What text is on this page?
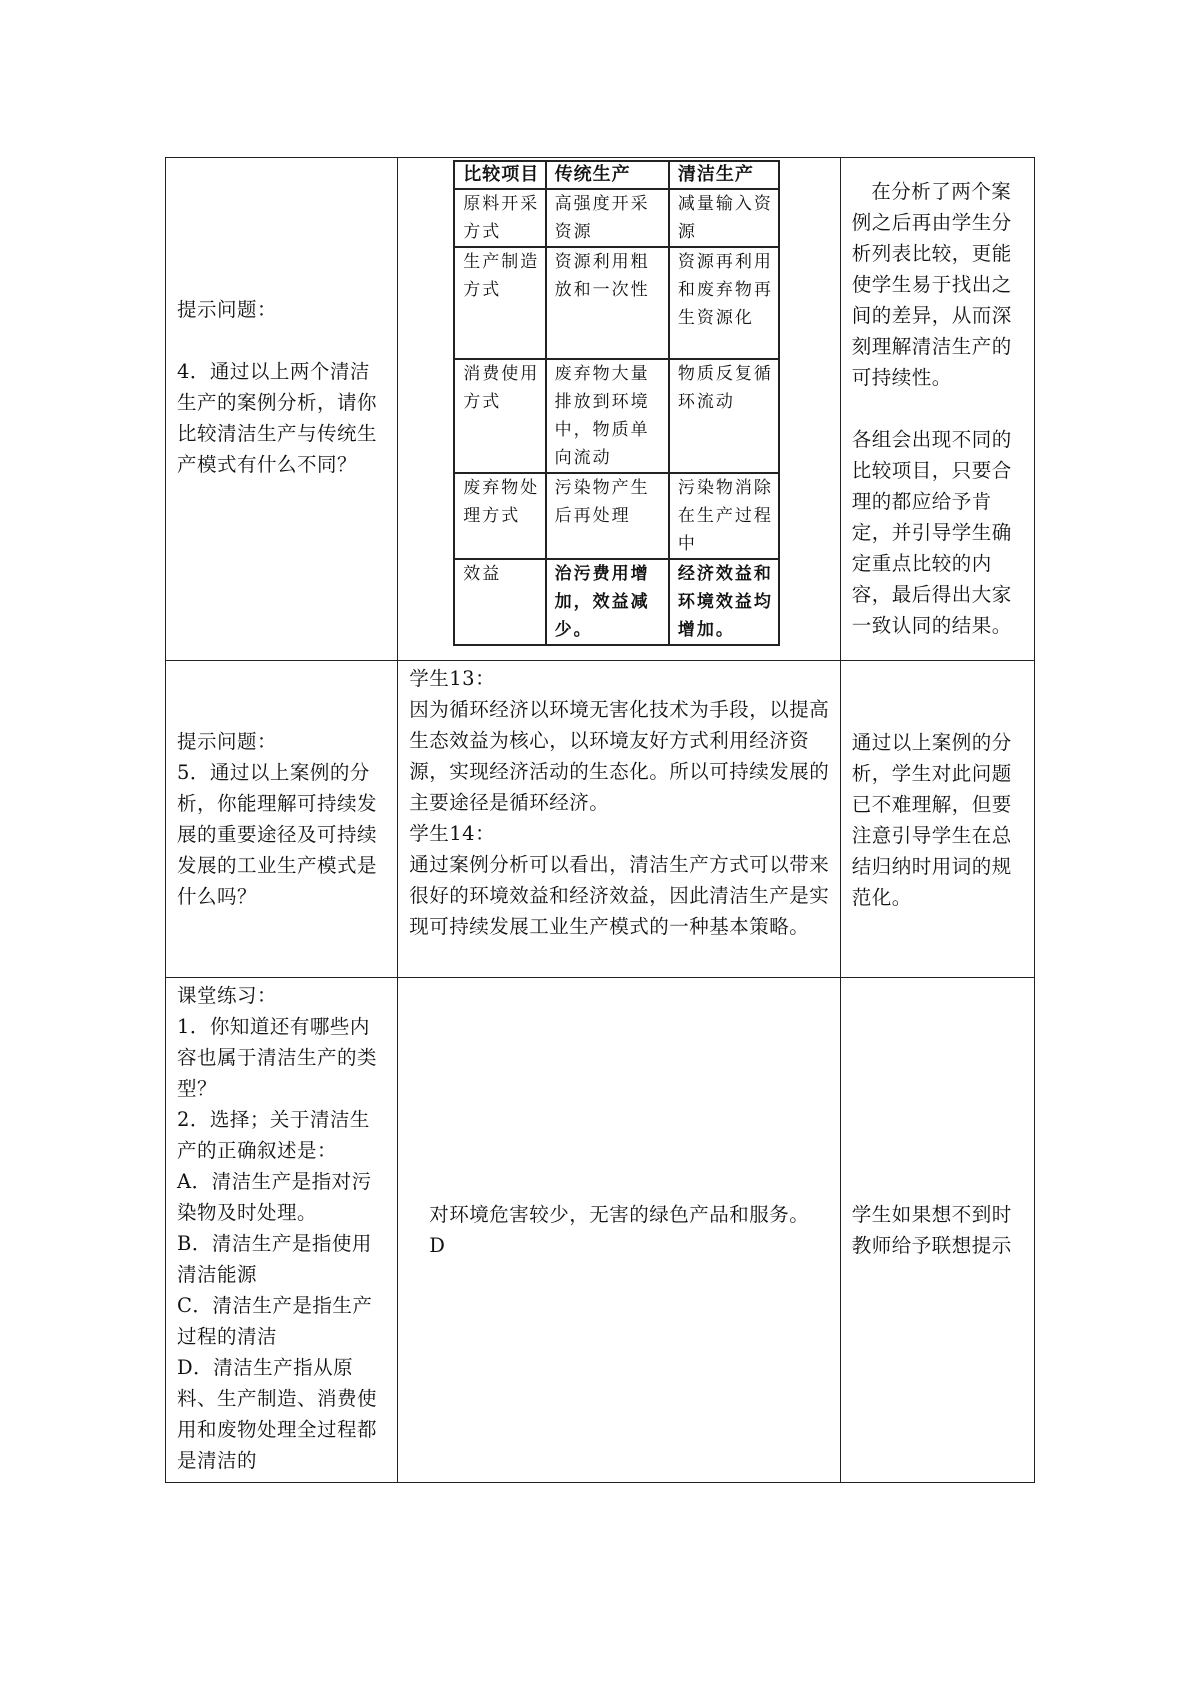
提示问题：
4．通过以上两个清洁生产的案例分析，请你比较清洁生产与传统生产模式有什么不同？

比较项目	传统生产	清洁生产
原料开采方式	高强度开采资源	减量输入资源
生产制造方式	资源利用粗放和一次性	资源再利用和废弃物再生资源化
消费使用方式	废弃物大量排放到环境中，物质单向流动	物质反复循环流动
废弃物处理方式	污染物产生后再处理	污染物消除在生产过程中
效益	治污费用增加，效益减少。	经济效益和环境效益均增加。

在分析了两个案例之后再由学生分析列表比较，更能使学生易于找出之间的差异，从而深刻理解清洁生产的可持续性。
各组会出现不同的比较项目，只要合理的都应给予肯定，并引导学生确定重点比较的内容，最后得出大家一致认同的结果。

提示问题：
5．通过以上案例的分析，你能理解可持续发展的重要途径及可持续发展的工业生产模式是什么吗？

学生13：
因为循环经济以环境无害化技术为手段，以提高生态效益为核心，以环境友好方式利用经济资源，实现经济活动的生态化。所以可持续发展的主要途径是循环经济。
学生14：
通过案例分析可以看出，清洁生产方式可以带来很好的环境效益和经济效益，因此清洁生产是实现可持续发展工业生产模式的一种基本策略。

通过以上案例的分析，学生对此问题已不难理解，但要注意引导学生在总结归纳时用词的规范化。

课堂练习：
1．你知道还有哪些内容也属于清洁生产的类型？
2．选择；关于清洁生产的正确叙述是：
A．清洁生产是指对污染物及时处理。
B．清洁生产是指使用清洁能源
C．清洁生产是指生产过程的清洁
D．清洁生产指从原料、生产制造、消费使用和废物处理全过程都是清洁的

对环境危害较少，无害的绿色产品和服务。
D

学生如果想不到时教师给予联想提示
